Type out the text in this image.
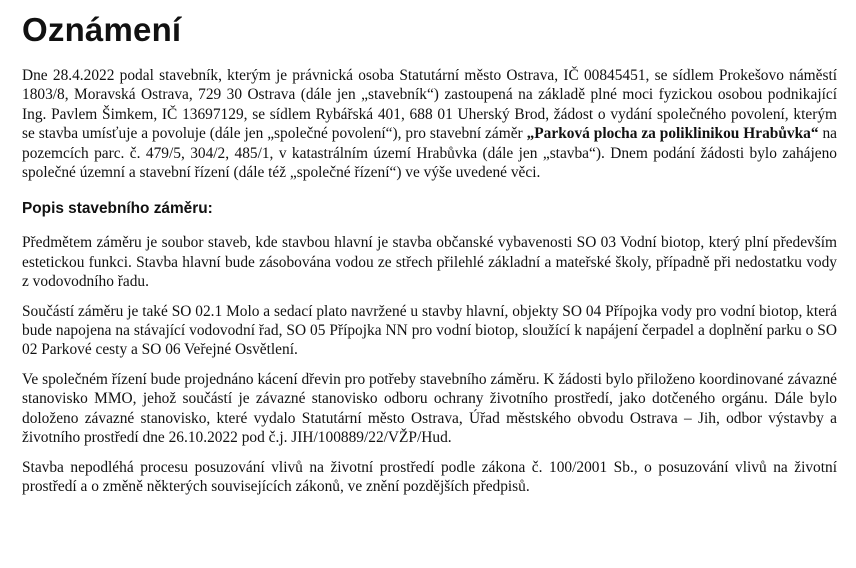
Oznámení

Dne 28.4.2022 podal stavebník, kterým je právnická osoba Statutární město Ostrava, IČ 00845451, se sídlem Prokešovo náměstí 1803/8, Moravská Ostrava, 729 30 Ostrava (dále jen „stavebník“) zastoupená na základě plné moci fyzickou osobou podnikající Ing. Pavlem Šimkem, IČ 13697129, se sídlem Rybářská 401, 688 01 Uherský Brod, žádost o vydání společného povolení, kterým se stavba umísťuje a povoluje (dále jen „společné povolení“), pro stavební záměr „Parková plocha za poliklinikou Hrabůvka“ na pozemcích parc. č. 479/5, 304/2, 485/1, v katastrálním území Hrabůvka (dále jen „stavba“). Dnem podání žádosti bylo zahájeno společné územní a stavební řízení (dále též „společné řízení“) ve výše uvedené věci.

Popis stavebního záměru:

Předmětem záměru je soubor staveb, kde stavbou hlavní je stavba občanské vybavenosti SO 03 Vodní biotop, který plní především estetickou funkci. Stavba hlavní bude zásobována vodou ze střech přilehlé základní a mateřské školy, případně při nedostatku vody z vodovodního řadu.

Součástí záměru je také SO 02.1 Molo a sedací plato navržené u stavby hlavní, objekty SO 04 Přípojka vody pro vodní biotop, která bude napojena na stávající vodovodní řad, SO 05 Přípojka NN pro vodní biotop, sloužící k napájení čerpadel a doplnění parku o SO 02 Parkové cesty a SO 06 Veřejné Osvětlení.

Ve společném řízení bude projednáno kácení dřevin pro potřeby stavebního záměru. K žádosti bylo přiloženo koordinované závazné stanovisko MMO, jehož součástí je závazné stanovisko odboru ochrany životního prostředí, jako dotčeného orgánu. Dále bylo doloženo závazné stanovisko, které vydalo Statutární město Ostrava, Úřad městského obvodu Ostrava – Jih, odbor výstavby a životního prostředí dne 26.10.2022 pod č.j. JIH/100889/22/VŽP/Hud.

Stavba nepodléhá procesu posuzování vlivů na životní prostředí podle zákona č. 100/2001 Sb., o posuzování vlivů na životní prostředí a o změně některých souvisejících zákonů, ve znění pozdějších předpisů.
